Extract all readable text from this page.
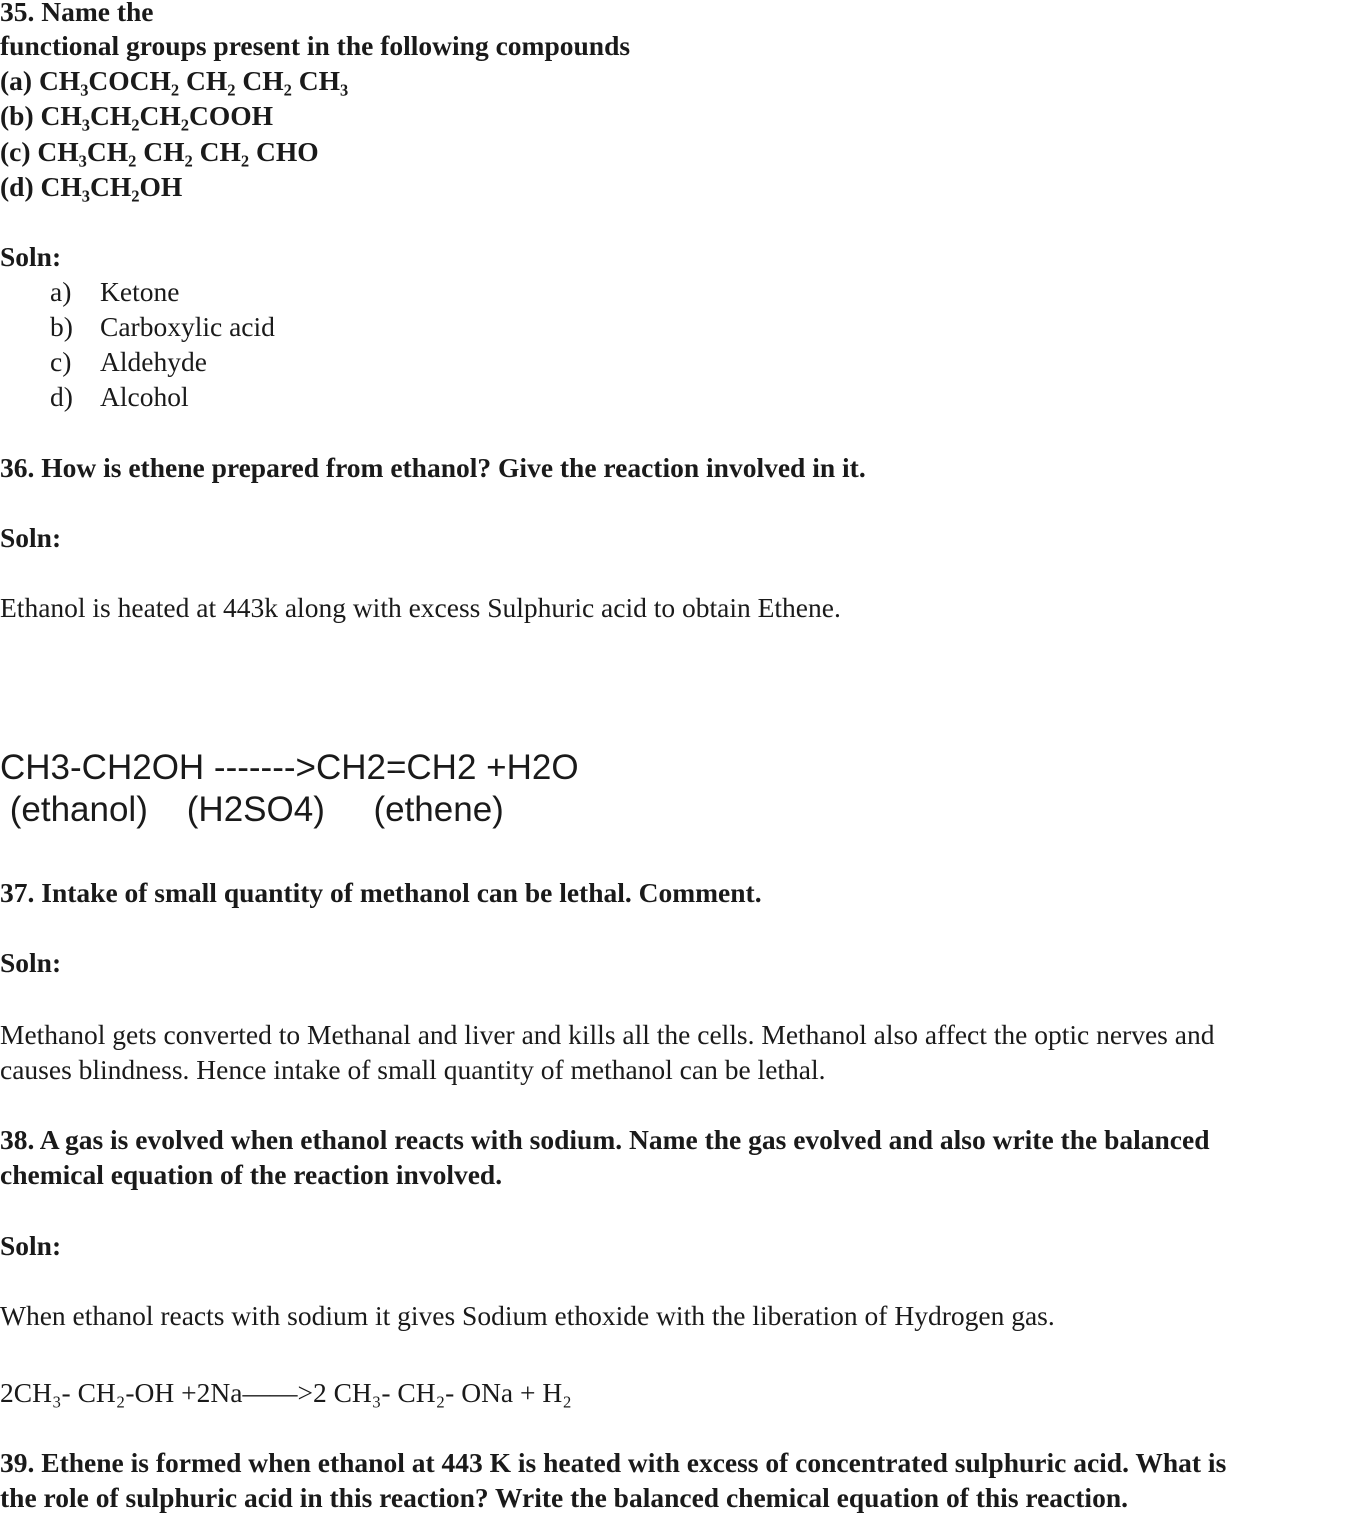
35. Name the
functional groups present in the following compounds
(a) CH₃COCH₂ CH₂ CH₂ CH₃
(b) CH₃CH₂CH₂COOH
(c) CH₃CH₂ CH₂ CH₂ CHO
(d) CH₃CH₂OH
Soln:
a) Ketone
b) Carboxylic acid
c) Aldehyde
d) Alcohol
36. How is ethene prepared from ethanol? Give the reaction involved in it.
Soln:
Ethanol is heated at 443k along with excess Sulphuric acid to obtain Ethene.
CH3-CH2OH ------->CH2=CH2 +H2O
(ethanol)    (H2SO4)     (ethene)
37. Intake of small quantity of methanol can be lethal. Comment.
Soln:
Methanol gets converted to Methanal and liver and kills all the cells. Methanol also affect the optic nerves and
causes blindness. Hence intake of small quantity of methanol can be lethal.
38. A gas is evolved when ethanol reacts with sodium. Name the gas evolved and also write the balanced
chemical equation of the reaction involved.
Soln:
When ethanol reacts with sodium it gives Sodium ethoxide with the liberation of Hydrogen gas.
2CH₃- CH₂-OH +2Na——>2 CH₃- CH₂- ONa + H₂
39. Ethene is formed when ethanol at 443 K is heated with excess of concentrated sulphuric acid. What is
the role of sulphuric acid in this reaction? Write the balanced chemical equation of this reaction.
